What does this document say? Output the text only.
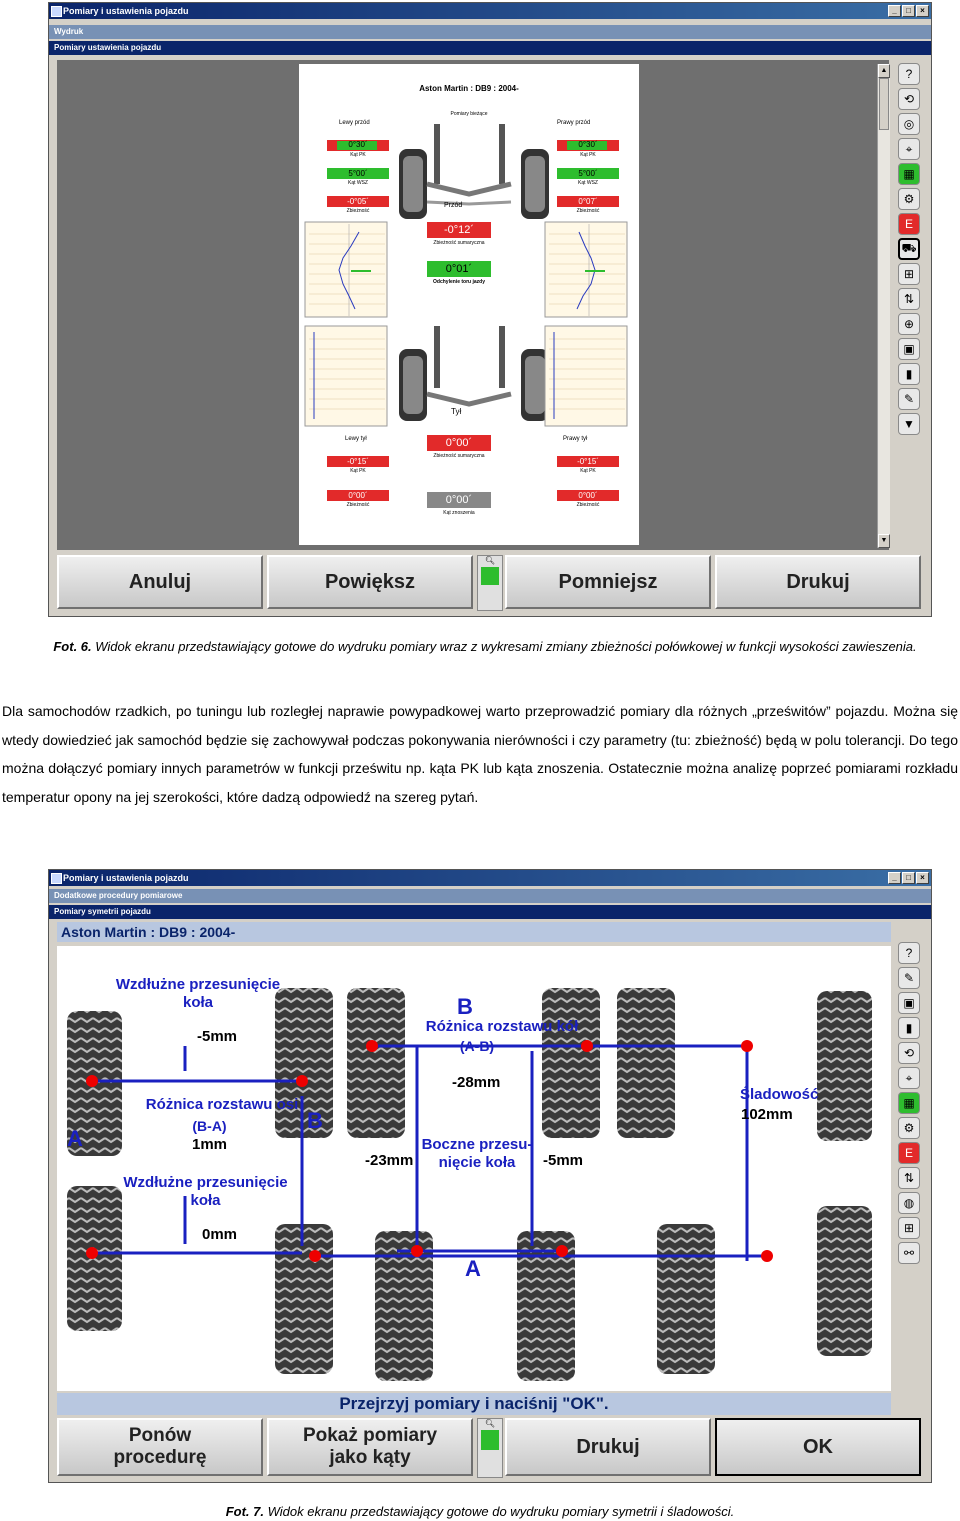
Pomiary i ustawienia pojazdu	_	□	×
Wydruk
Pomiary ustawienia pojazdu
Aston Martin : DB9 : 2004-
Pomiary bieżące
Lewy przód	Prawy przód
0°30´	0°30´
Kąt PK	Kąt PK
5°00´	5°00´
Kąt WSZ	Kąt WSZ
-0°05´	0°07´
Zbieżność	Zbieżność
Przód
-0°12´
Zbieżność sumaryczna
0°01´
Odchylenie toru jazdy
Tył
0°00´
Zbieżność sumaryczna
Lewy tył	Prawy tył
-0°15´	-0°15´
Kąt PK	Kąt PK
0°00´	0°00´
Zbieżność	Zbieżność
0°00´
Kąt znoszenia
▲
▼
?
⟲
◎
⌖
▦
⚙
E
⛟
⊞
⇅
⊕
▣
▮
✎
▼
Anuluj	Powiększ
🔍︎
Pomniejsz	Drukuj
Fot. 6. Widok ekranu przedstawiający gotowe do wydruku pomiary wraz z wykresami zmiany zbieżności połówkowej w funkcji wysokości zawieszenia.
Dla samochodów rzadkich, po tuningu lub rozległej naprawie powypadkowej warto przeprowadzić pomiary dla różnych „prześwitów” pojazdu. Można się wtedy dowiedzieć jak samochód będzie się zachowywał podczas pokonywania nierówności i czy parametry (tu: zbieżność) będą w polu tolerancji. Do tego można dołączyć pomiary innych parametrów w funkcji prześwitu np. kąta PK lub kąta znoszenia. Ostatecznie można analizę poprzeć pomiarami rozkładu temperatur opony na jej szerokości, które dadzą odpowiedź na szereg pytań.
Pomiary i ustawienia pojazdu	_	□	×
Dodatkowe procedury pomiarowe
Pomiary symetrii pojazdu
Aston Martin : DB9 : 2004-
Wzdłużne przesunięcie
koła
-5mm
A
Różnica rozstawu osi
(B-A)
1mm
B
Wzdłużne przesunięcie
koła
0mm
B
Różnica rozstawu kół
(A-B)
-28mm
Boczne przesu-
nięcie koła
-23mm	-5mm
A
Śladowość
102mm
Przejrzyj pomiary i naciśnij "OK".
?
✎
▣
▮
⟲
⌖
▦
⚙
E
⇅
◍
⊞
⚯
Ponów
procedurę
Pokaż pomiary
jako kąty
🔍︎
Drukuj	OK
Fot. 7. Widok ekranu przedstawiający gotowe do wydruku pomiary symetrii i śladowości.
